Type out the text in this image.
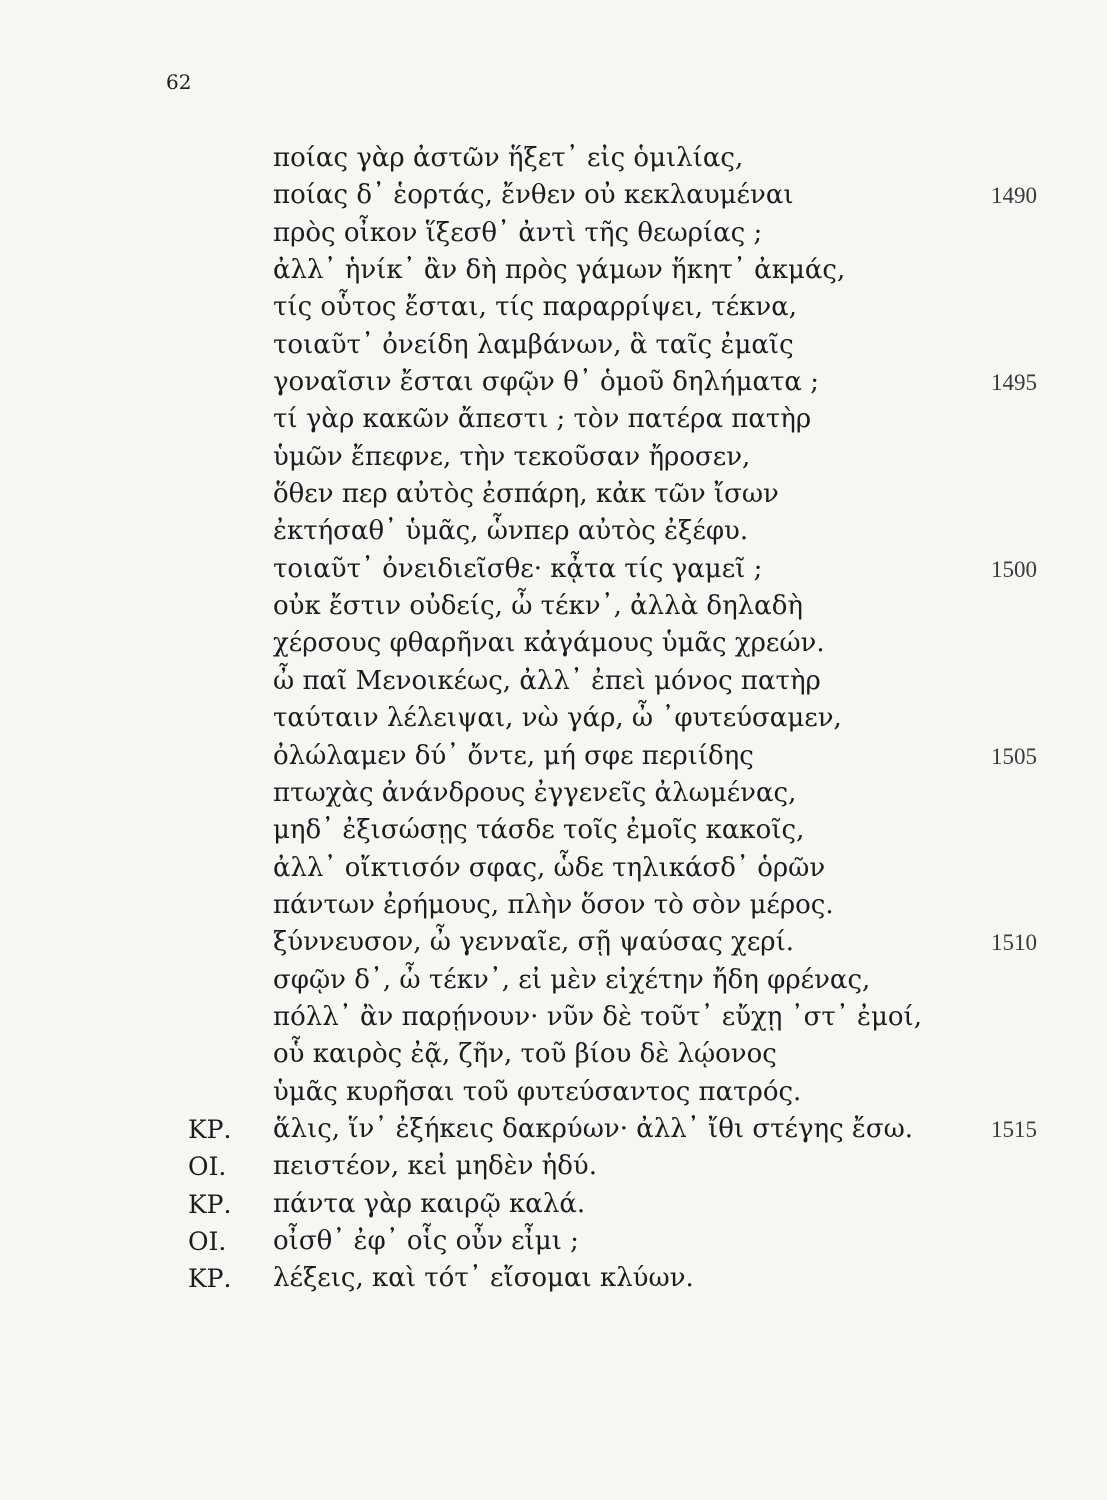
62
ποίας γὰρ ἀστῶν ἥξετ᾽ εἰς ὁμιλίας,
ποίας δ᾽ ἑορτάς, ἔνθεν οὐ κεκλαυμέναι	1490
πρὸς οἶκον ἵξεσθ᾽ ἀντὶ τῆς θεωρίας ;
ἀλλ᾽ ἡνίκ᾽ ἂν δὴ πρὸς γάμων ἥκητ᾽ ἀκμάς,
τίς οὗτος ἔσται, τίς παραρρίψει, τέκνα,
τοιαῦτ᾽ ὀνείδη λαμβάνων, ἃ ταῖς ἐμαῖς
γοναῖσιν ἔσται σφῷν θ᾽ ὁμοῦ δηλήματα ;	1495
τί γὰρ κακῶν ἄπεστι ; τὸν πατέρα πατὴρ
ὑμῶν ἔπεφνε, τὴν τεκοῦσαν ἤροσεν,
ὅθεν περ αὐτὸς ἐσπάρη, κἀκ τῶν ἴσων
ἐκτήσαθ᾽ ὑμᾶς, ὧνπερ αὐτὸς ἐξέφυ.
τοιαῦτ᾽ ὀνειδιεῖσθε· κᾆτα τίς γαμεῖ ;	1500
οὐκ ἔστιν οὐδείς, ὦ τέκν᾽, ἀλλὰ δηλαδὴ
χέρσους φθαρῆναι κἀγάμους ὑμᾶς χρεών.
ὦ παῖ Μενοικέως, ἀλλ᾽ ἐπεὶ μόνος πατὴρ
ταύταιν λέλειψαι, νὼ γάρ, ὦ ᾽φυτεύσαμεν,
ὀλώλαμεν δύ᾽ ὄντε, μή σφε περιίδης	1505
πτωχὰς ἀνάνδρους ἐγγενεῖς ἀλωμένας,
μηδ᾽ ἐξισώσῃς τάσδε τοῖς ἐμοῖς κακοῖς,
ἀλλ᾽ οἴκτισόν σφας, ὧδε τηλικάσδ᾽ ὁρῶν
πάντων ἐρήμους, πλὴν ὅσον τὸ σὸν μέρος.
ξύννευσον, ὦ γενναῖε, σῇ ψαύσας χερί.	1510
σφῷν δ᾽, ὦ τέκν᾽, εἰ μὲν εἰχέτην ἤδη φρένας,
πόλλ᾽ ἂν παρῄνουν· νῦν δὲ τοῦτ᾽ εὔχῃ ᾽στ᾽ ἐμοί,
οὗ καιρὸς ἐᾷ, ζῆν, τοῦ βίου δὲ λῴονος
ὑμᾶς κυρῆσαι τοῦ φυτεύσαντος πατρός.
ΚΡ. ἅλις, ἵν᾽ ἐξήκεις δακρύων· ἀλλ᾽ ἴθι στέγης ἔσω.	1515
ΟΙ. πειστέον, κεἰ μηδὲν ἡδύ.
ΚΡ. πάντα γὰρ καιρῷ καλά.
ΟΙ. οἶσθ᾽ ἐφ᾽ οἷς οὖν εἶμι ;
ΚΡ. λέξεις, καὶ τότ᾽ εἴσομαι κλύων.
